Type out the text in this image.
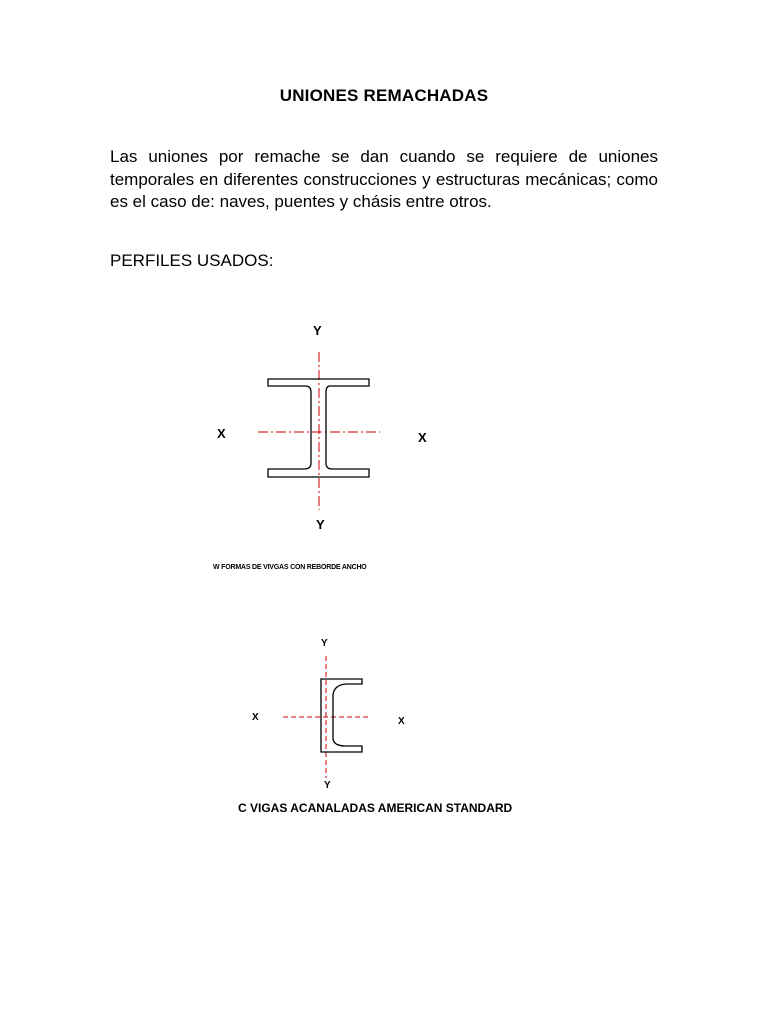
UNIONES REMACHADAS

Las uniones por remache se dan cuando se requiere de uniones temporales en diferentes construcciones y estructuras mecánicas; como es el caso de: naves, puentes y chásis entre otros.

PERFILES USADOS:
Y
Y
X	X
W FORMAS DE VIVGAS CON REBORDE ANCHO
Y
Y
X	X
C VIGAS ACANALADAS AMERICAN STANDARD
